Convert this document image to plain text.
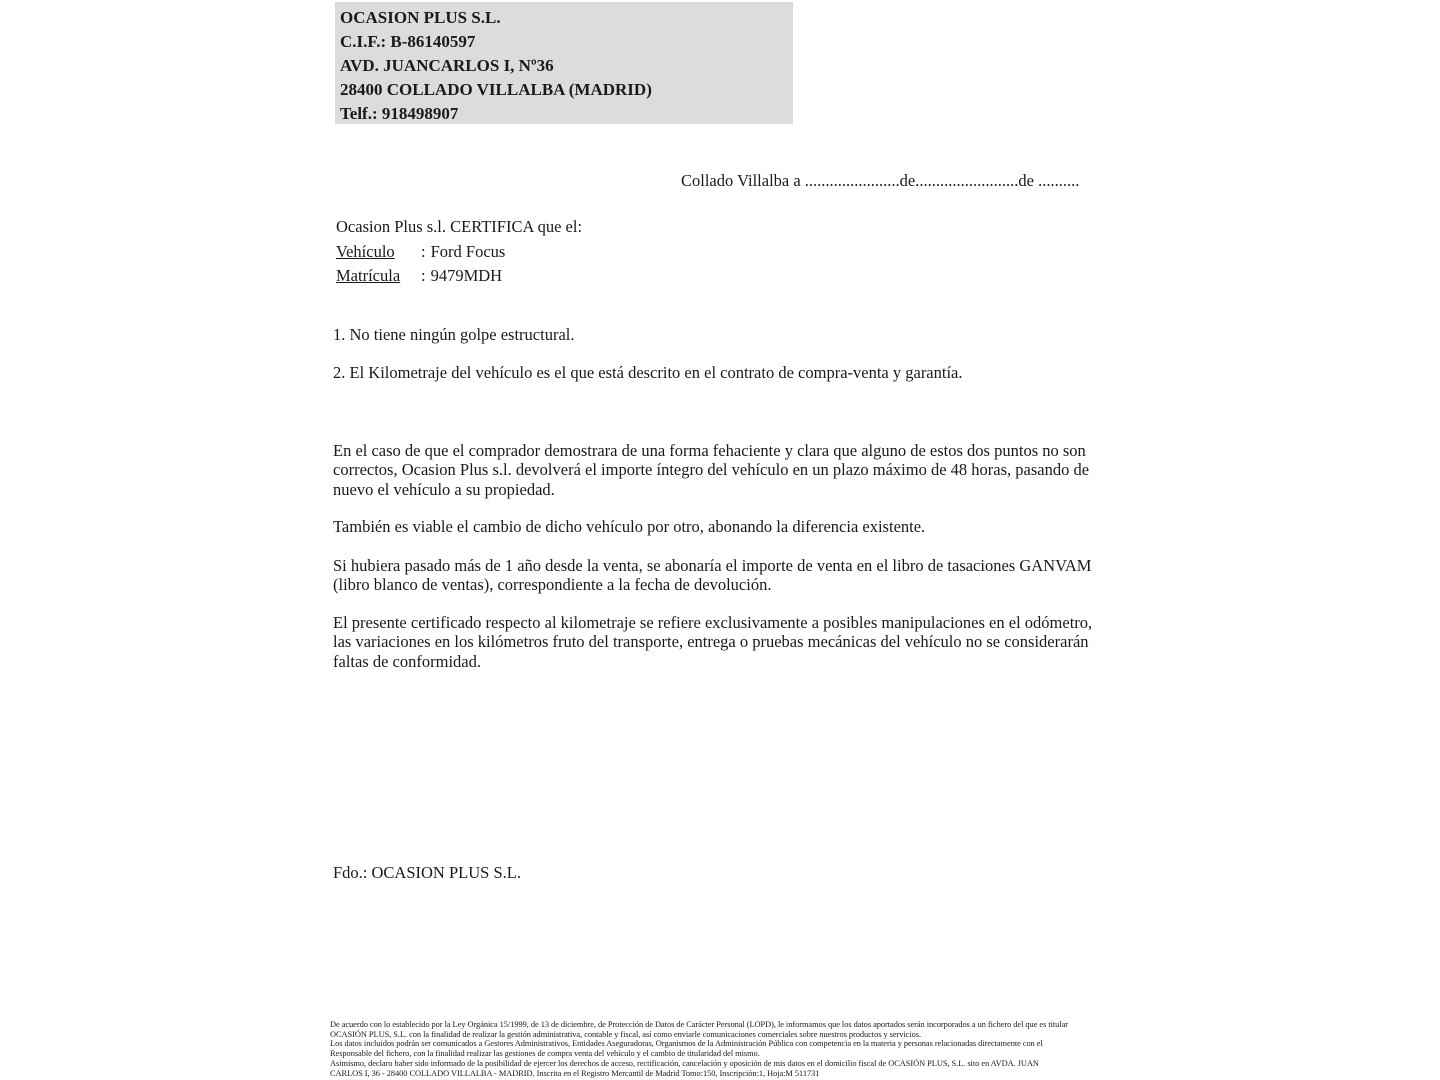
OCASION PLUS S.L.
C.I.F.: B-86140597
AVD. JUANCARLOS I, Nº36
28400 COLLADO VILLALBA (MADRID)
Telf.: 918498907
Collado Villalba a .......................de.........................de ..........
Ocasion Plus s.l. CERTIFICA que el:
Vehículo : Ford Focus
Matrícula : 9479MDH
1. No tiene ningún golpe estructural.
2. El Kilometraje del vehículo es el que está descrito en el contrato de compra-venta y garantía.
En el caso de que el comprador demostrara de una forma fehaciente y clara que alguno de estos dos puntos no son correctos, Ocasion Plus s.l. devolverá el importe íntegro del vehículo en un plazo máximo de 48 horas, pasando de nuevo el vehículo a su propiedad.
También es viable el cambio de dicho vehículo por otro, abonando la diferencia existente.
Si hubiera pasado más de 1 año desde la venta, se abonaría el importe de venta en el libro de tasaciones GANVAM (libro blanco de ventas), correspondiente a la fecha de devolución.
El presente certificado respecto al kilometraje se refiere exclusivamente a posibles manipulaciones en el odómetro, las variaciones en los kilómetros fruto del transporte, entrega o pruebas mecánicas del vehículo no se considerarán faltas de conformidad.
Fdo.: OCASION PLUS S.L.
De acuerdo con lo establecido por la Ley Orgánica 15/1999, de 13 de diciembre, de Protección de Datos de Carácter Personal (LOPD), le informamos que los datos aportados serán incorporados a un fichero del que es titular
OCASIÓN PLUS, S.L. con la finalidad de realizar la gestión administrativa, contable y fiscal, así como enviarle comunicaciones comerciales sobre nuestros productos y servicios.
Los datos incluidos podrán ser comunicados a Gestores Administrativos, Entidades Aseguradoras, Organismos de la Administración Pública con competencia en la materia y personas relacionadas directamente con el
Responsable del fichero, con la finalidad realizar las gestiones de compra venta del vehículo y el cambio de titularidad del mismo.
Asimismo, declaro haber sido informado de la posibilidad de ejercer los derechos de acceso, rectificación, cancelación y oposición de mis datos en el domicilio fiscal de OCASIÓN PLUS, S.L. sito en AVDA. JUAN
CARLOS I, 36 - 28400 COLLADO VILLALBA - MADRID. Inscrita en el Registro Mercantil de Madrid Tomo:150, Inscripción:1, Hoja:M 511731
